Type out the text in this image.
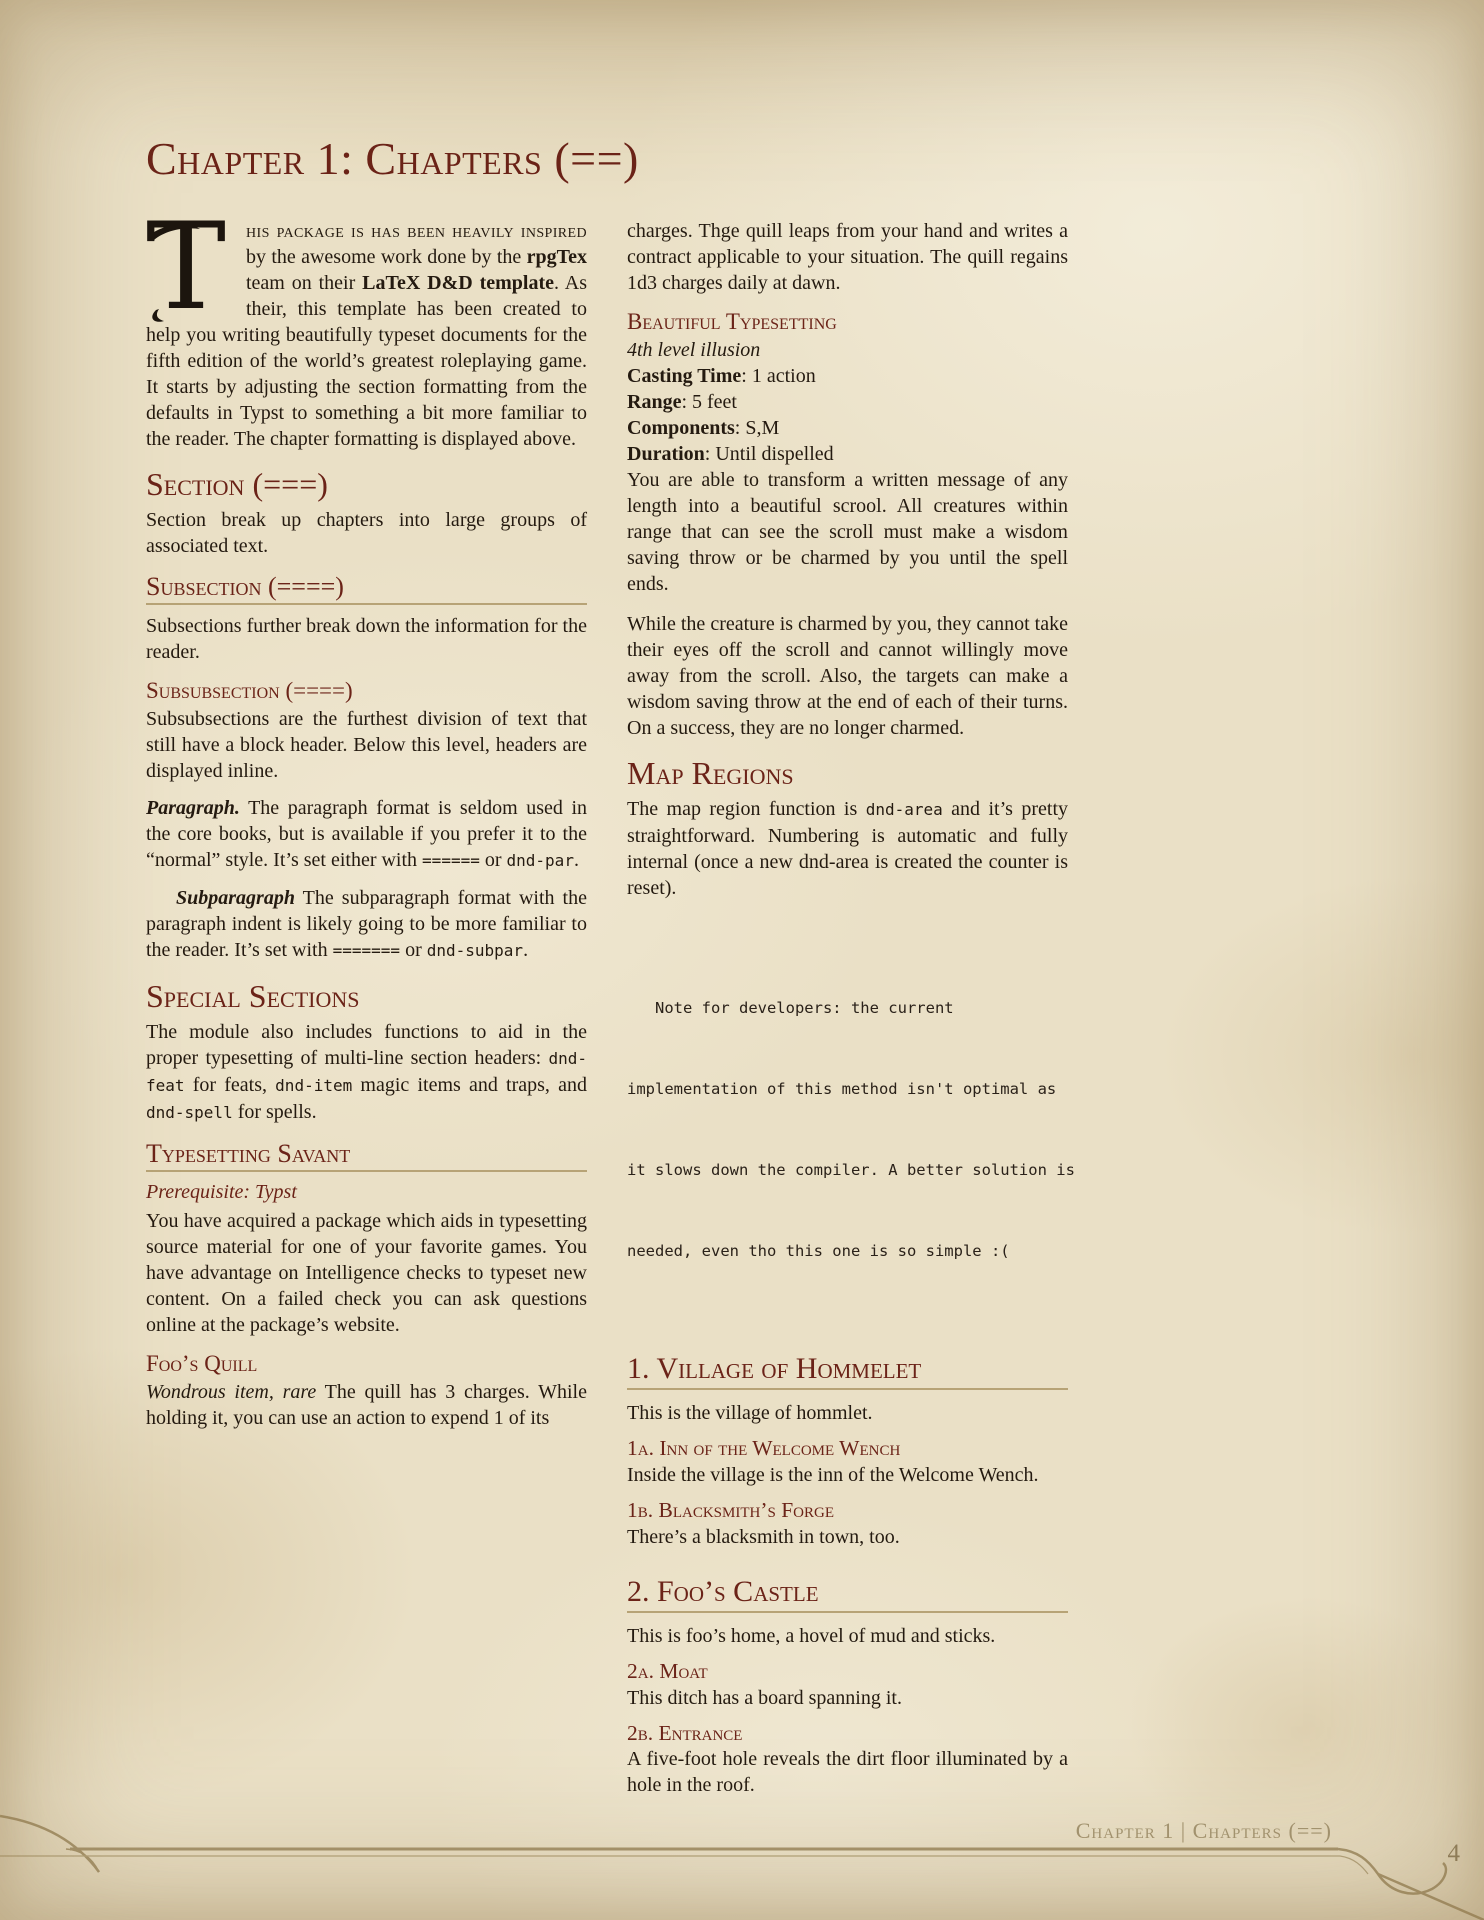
Chapter 1: Chapters (==)

This package is has been heavily inspired by the awesome work done by the rpgTex team on their LaTeX D&D template. As their, this template has been created to help you writing beautifully typeset documents for the fifth edition of the world’s greatest roleplaying game. It starts by adjusting the section formatting from the defaults in Typst to something a bit more familiar to the reader. The chapter formatting is displayed above.

Section (===)

Section break up chapters into large groups of associated text.

Subsection (====)

Subsections further break down the information for the reader.

Subsubsection (====)

Subsubsections are the furthest division of text that still have a block header. Below this level, headers are displayed inline.

Paragraph. The paragraph format is seldom used in the core books, but is available if you prefer it to the “normal” style. It’s set either with ====== or dnd-par.

Subparagraph The subparagraph format with the paragraph indent is likely going to be more familiar to the reader. It’s set with ======= or dnd-subpar.

Special Sections

The module also includes functions to aid in the proper typesetting of multi-line section headers: dnd-feat for feats, dnd-item magic items and traps, and dnd-spell for spells.

Typesetting Savant

Prerequisite: Typst

You have acquired a package which aids in typesetting source material for one of your favorite games. You have advantage on Intelligence checks to typeset new content. On a failed check you can ask questions online at the package’s website.

Foo’s Quill

Wondrous item, rare The quill has 3 charges. While holding it, you can use an action to expend 1 of its

charges. Thge quill leaps from your hand and writes a contract applicable to your situation. The quill regains 1d3 charges daily at dawn.

Beautiful Typesetting

4th level illusion

Casting Time: 1 action

Range: 5 feet

Components: S,M

Duration: Until dispelled

You are able to transform a written message of any length into a beautiful scrool. All creatures within range that can see the scroll must make a wisdom saving throw or be charmed by you until the spell ends.

While the creature is charmed by you, they cannot take their eyes off the scroll and cannot willingly move away from the scroll. Also, the targets can make a wisdom saving throw at the end of each of their turns. On a success, they are no longer charmed.

Map Regions

The map region function is dnd-area and it’s pretty straightforward. Numbering is automatic and fully internal (once a new dnd-area is created the counter is reset).

Note for developers: the current

implementation of this method isn't optimal as

it slows down the compiler. A better solution is

needed, even tho this one is so simple :(

1. Village of Hommelet

This is the village of hommlet.

1a. Inn of the Welcome Wench

Inside the village is the inn of the Welcome Wench.

1b. Blacksmith’s Forge

There’s a blacksmith in town, too.

2. Foo’s Castle

This is foo’s home, a hovel of mud and sticks.

2a. Moat

This ditch has a board spanning it.

2b. Entrance

A five-foot hole reveals the dirt floor illuminated by a hole in the roof.

Chapter 1 | Chapters (==)
4
